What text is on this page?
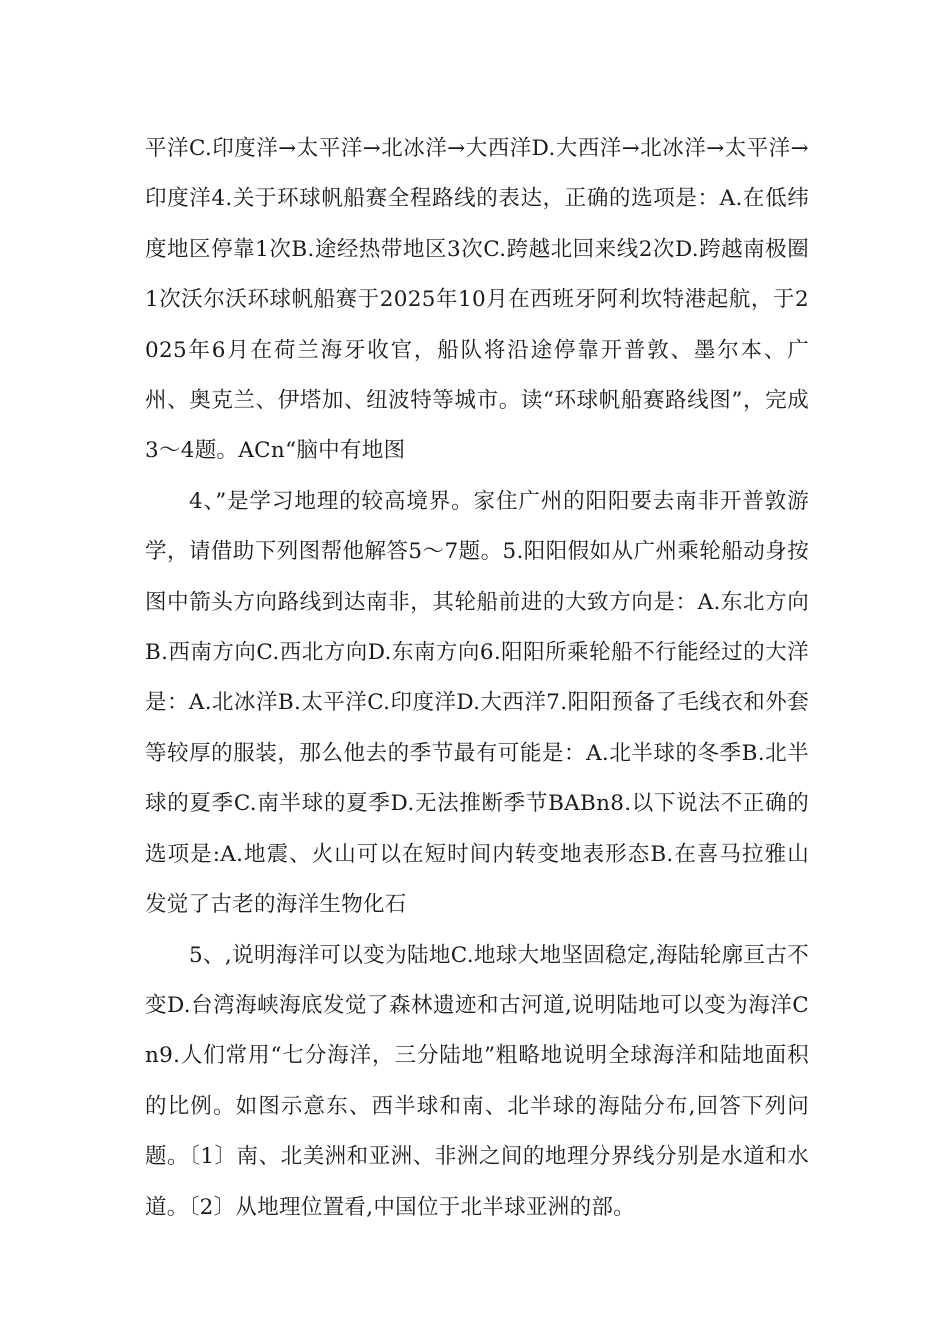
平洋C.印度洋→太平洋→北冰洋→大西洋D.大西洋→北冰洋→太平洋→印度洋4.关于环球帆船赛全程路线的表达，正确的选项是：A.在低纬度地区停靠1次B.途经热带地区3次C.跨越北回来线2次D.跨越南极圈1次沃尔沃环球帆船赛于2025年10月在西班牙阿利坎特港起航，于2025年6月在荷兰海牙收官，船队将沿途停靠开普敦、墨尔本、广州、奥克兰、伊塔加、纽波特等城市。读“环球帆船赛路线图”，完成3～4题。ACn“脑中有地图

4、”是学习地理的较高境界。家住广州的阳阳要去南非开普敦游学，请借助下列图帮他解答5～7题。5.阳阳假如从广州乘轮船动身按图中箭头方向路线到达南非，其轮船前进的大致方向是：A.东北方向B.西南方向C.西北方向D.东南方向6.阳阳所乘轮船不行能经过的大洋是：A.北冰洋B.太平洋C.印度洋D.大西洋7.阳阳预备了毛线衣和外套等较厚的服装，那么他去的季节最有可能是：A.北半球的冬季B.北半球的夏季C.南半球的夏季D.无法推断季节BABn8.以下说法不正确的选项是:A.地震、火山可以在短时间内转变地表形态B.在喜马拉雅山发觉了古老的海洋生物化石

5、,说明海洋可以变为陆地C.地球大地坚固稳定,海陆轮廓亘古不变D.台湾海峡海底发觉了森林遗迹和古河道,说明陆地可以变为海洋Cn9.人们常用“七分海洋，三分陆地”粗略地说明全球海洋和陆地面积的比例。如图示意东、西半球和南、北半球的海陆分布,回答下列问题。〔1〕南、北美洲和亚洲、非洲之间的地理分界线分别是水道和水道。〔2〕从地理位置看,中国位于北半球亚洲的部。
